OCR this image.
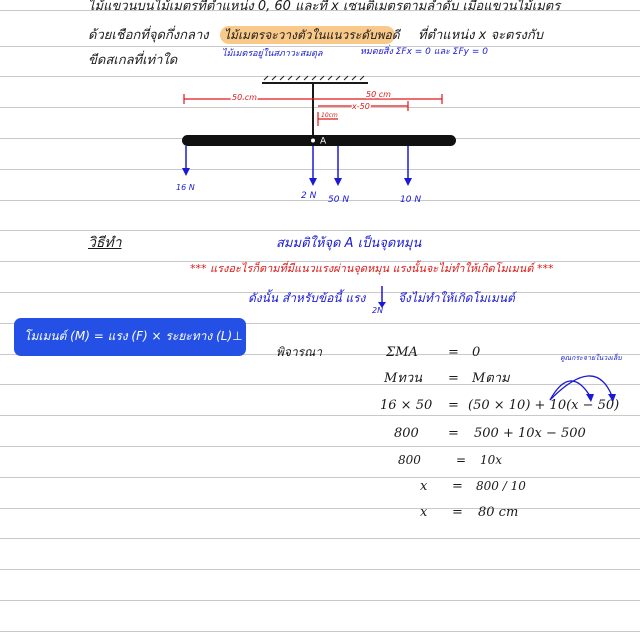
ไม้แขวนบนไม้เมตรที่ตำแหน่ง 0, 60 และที่ x เซนติเมตรตามลำดับ เมื่อแขวนไม้เมตร
ด้วยเชือกที่จุดกึ่งกลาง ไม้เมตรจะวางตัวในแนวระดับพอดี ที่ตำแหน่ง x จะตรงกับ
ขีดสเกลที่เท่าใด	ไม้เมตรอยู่ในสภาวะสมดุล	หมดยสิ่ง ΣFx = 0 และ ΣFy = 0
50 cm	50 cm
x-50
10cm
A
16 N
2 N 50 N	10 N
วิธีทำ	สมมติให้จุด A เป็นจุดหมุน
*** แรงอะไรก็ตามที่มีแนวแรงผ่านจุดหมุน แรงนั้นจะไม่ทำให้เกิดโมเมนต์ ***
ดังนั้น สำหรับข้อนี้ แรง
2N
จึงไม่ทำให้เกิดโมเมนต์
โมเมนต์ (M) = แรง (F) × ระยะทาง (L)⊥
พิจารณา	คูณกระจายในวงเล็บ
ΣMA = 0
Mทวน = Mตาม
16 × 50 = (50 × 10) + 10(x − 50)
800 = 500 + 10x − 500
800	= 10x
x = 800 / 10
x = 80 cm
